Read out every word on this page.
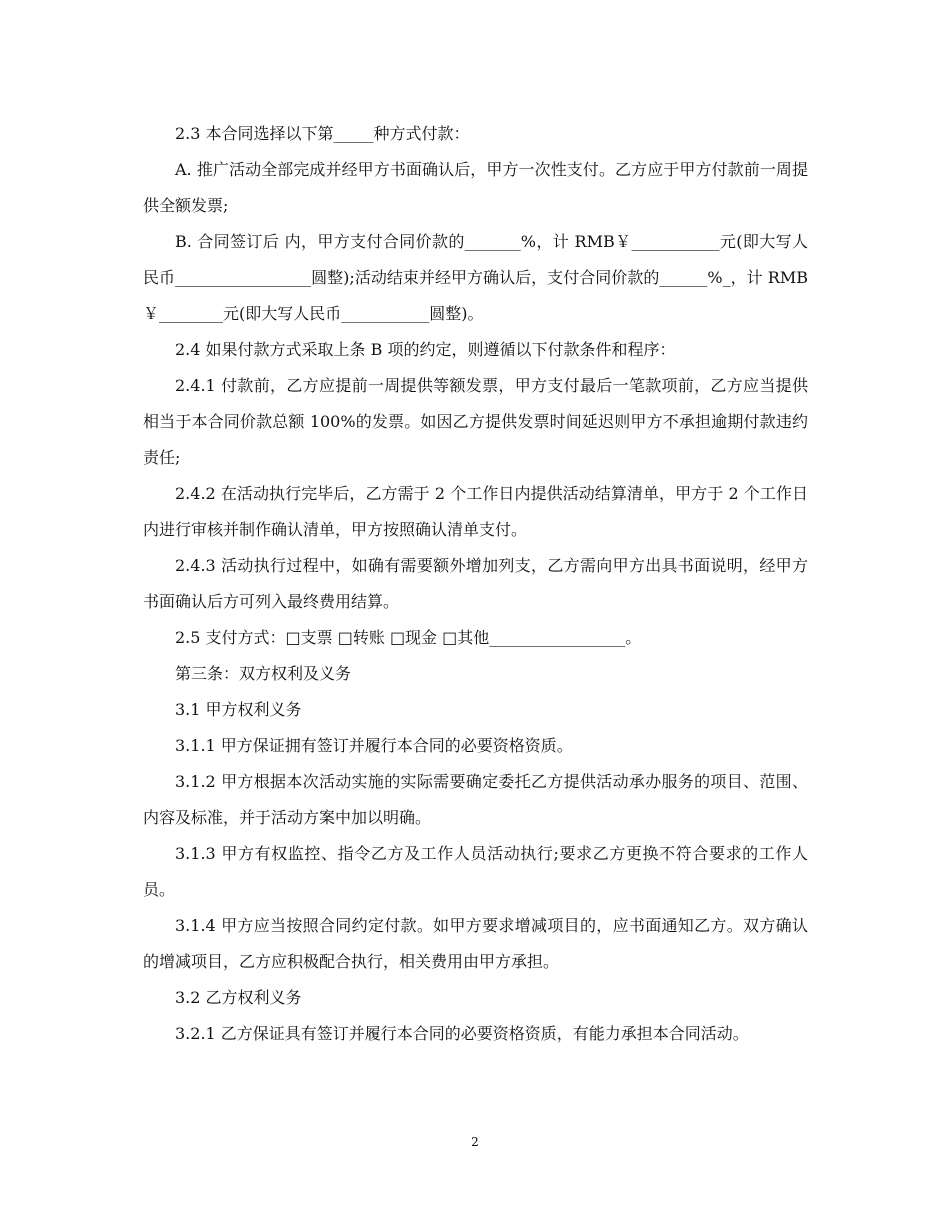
2.3 本合同选择以下第_____种方式付款：

A. 推广活动全部完成并经甲方书面确认后，甲方一次性支付。乙方应于甲方付款前一周提供全额发票;

B. 合同签订后 内，甲方支付合同价款的_______%，计 RMB￥___________元(即大写人民币_________________圆整);活动结束并经甲方确认后，支付合同价款的______%_，计 RMB￥________元(即大写人民币___________圆整)。

2.4 如果付款方式采取上条 B 项的约定，则遵循以下付款条件和程序：

2.4.1 付款前，乙方应提前一周提供等额发票，甲方支付最后一笔款项前，乙方应当提供相当于本合同价款总额 100%的发票。如因乙方提供发票时间延迟则甲方不承担逾期付款违约责任;

2.4.2 在活动执行完毕后，乙方需于 2 个工作日内提供活动结算清单，甲方于 2 个工作日内进行审核并制作确认清单，甲方按照确认清单支付。

2.4.3 活动执行过程中，如确有需要额外增加列支，乙方需向甲方出具书面说明，经甲方书面确认后方可列入最终费用结算。

2.5 支付方式：□支票 □转账 □现金 □其他_________________。

第三条：双方权利及义务

3.1 甲方权利义务

3.1.1 甲方保证拥有签订并履行本合同的必要资格资质。

3.1.2 甲方根据本次活动实施的实际需要确定委托乙方提供活动承办服务的项目、范围、内容及标准，并于活动方案中加以明确。

3.1.3 甲方有权监控、指令乙方及工作人员活动执行;要求乙方更换不符合要求的工作人员。

3.1.4 甲方应当按照合同约定付款。如甲方要求增减项目的，应书面通知乙方。双方确认的增减项目，乙方应积极配合执行，相关费用由甲方承担。

3.2 乙方权利义务

3.2.1 乙方保证具有签订并履行本合同的必要资格资质，有能力承担本合同活动。

2
